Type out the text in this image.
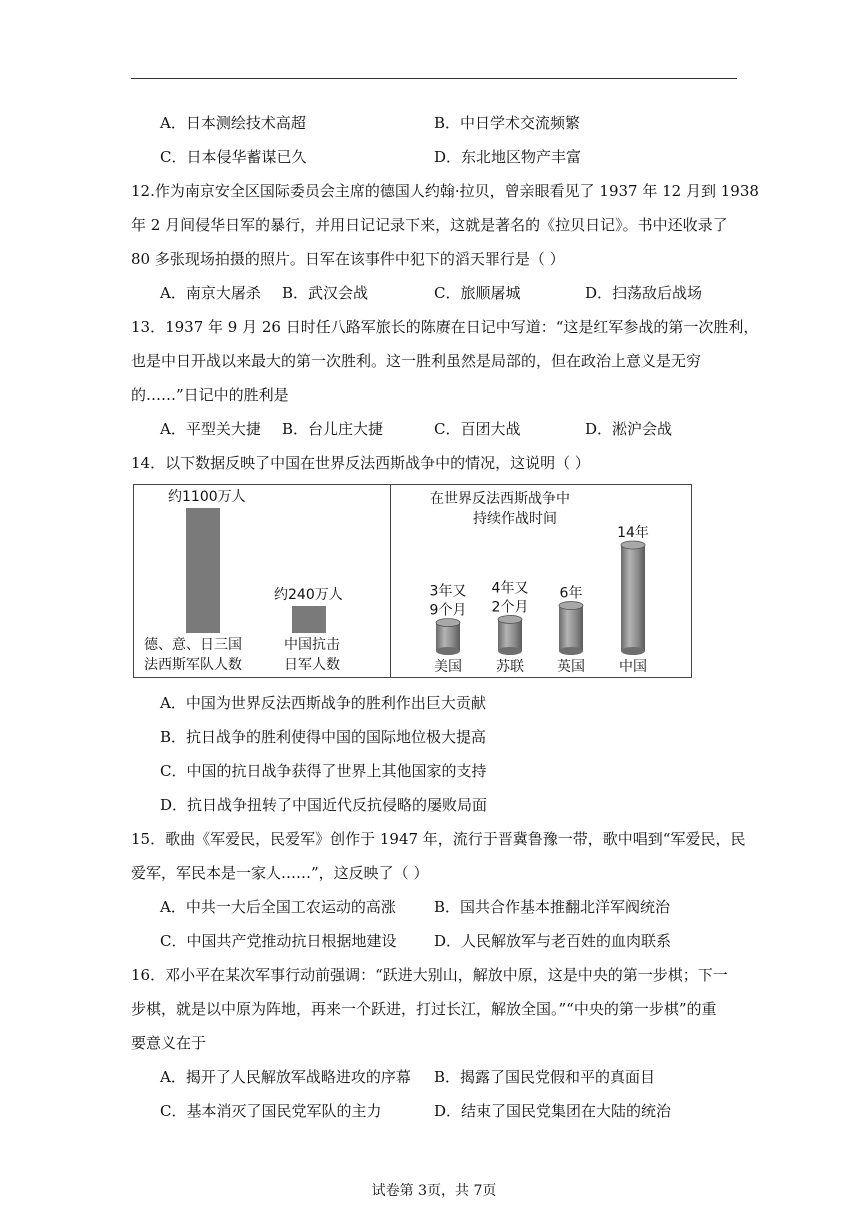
A．日本测绘技术高超	B．中日学术交流频繁
C．日本侵华蓄谋已久	D．东北地区物产丰富
12.作为南京安全区国际委员会主席的德国人约翰·拉贝，曾亲眼看见了 1937 年 12 月到 1938
年 2 月间侵华日军的暴行，并用日记记录下来，这就是著名的《拉贝日记》。书中还收录了
80 多张现场拍摄的照片。日军在该事件中犯下的滔天罪行是（ ）
A．南京大屠杀 B．武汉会战	C．旅顺屠城	D．扫荡敌后战场
13．1937 年 9 月 26 日时任八路军旅长的陈赓在日记中写道：“这是红军参战的第一次胜利，
也是中日开战以来最大的第一次胜利。这一胜利虽然是局部的，但在政治上意义是无穷
的……”日记中的胜利是
A．平型关大捷 B．台儿庄大捷	C．百团大战	D．淞沪会战
14．以下数据反映了中国在世界反法西斯战争中的情况，这说明（ ）
德、意、日三国
法西斯军队人数
中国抗击
日军人数
在世界反法西斯战争中
持续作战时间
约1100万人
约240万人	3年又
9个月
美国
4年又
2个月
苏联
6年
英国
14年
中国
A．中国为世界反法西斯战争的胜利作出巨大贡献
B．抗日战争的胜利使得中国的国际地位极大提高
C．中国的抗日战争获得了世界上其他国家的支持
D．抗日战争扭转了中国近代反抗侵略的屡败局面
15．歌曲《军爱民，民爱军》创作于 1947 年，流行于晋冀鲁豫一带，歌中唱到“军爱民，民
爱军，军民本是一家人……”，这反映了（ ）
A．中共一大后全国工农运动的高涨	B．国共合作基本推翻北洋军阀统治
C．中国共产党推动抗日根据地建设	D．人民解放军与老百姓的血肉联系
16．邓小平在某次军事行动前强调：“跃进大别山，解放中原，这是中央的第一步棋；下一
步棋，就是以中原为阵地，再来一个跃进，打过长江，解放全国。”“中央的第一步棋”的重
要意义在于
A．揭开了人民解放军战略进攻的序幕 B．揭露了国民党假和平的真面目
C．基本消灭了国民党军队的主力	D．结束了国民党集团在大陆的统治
试卷第 3页，共 7页
